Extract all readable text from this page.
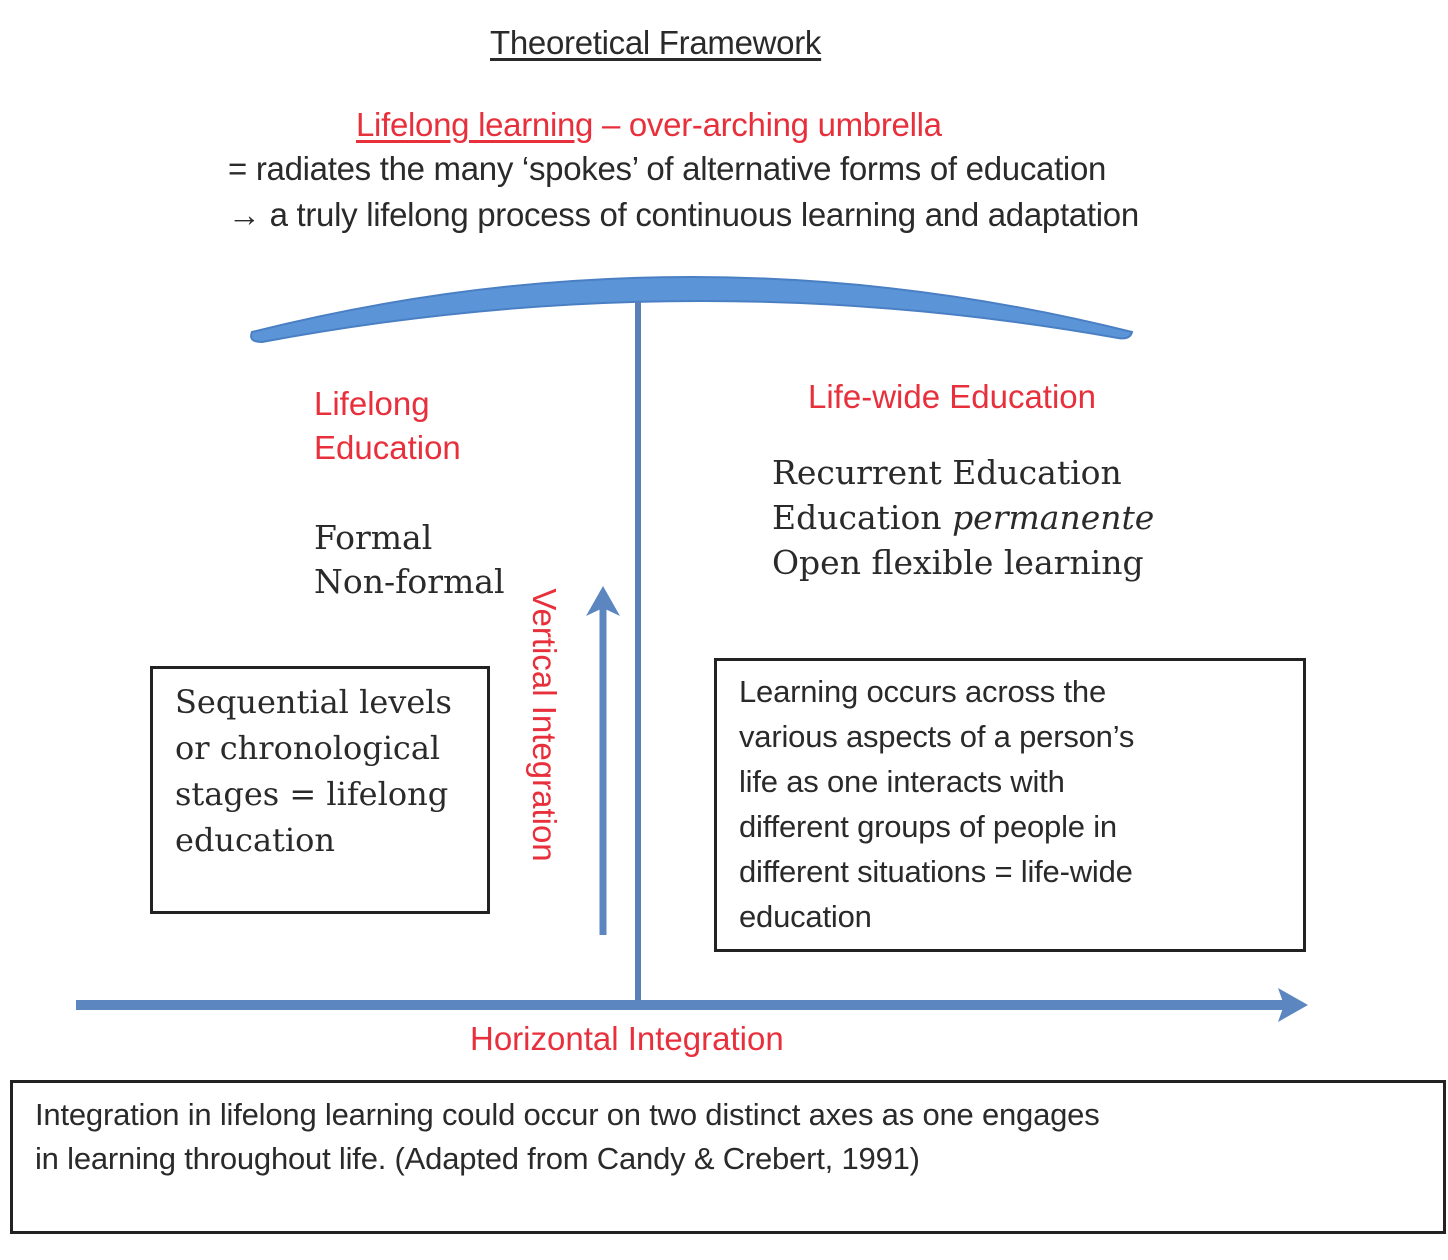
Theoretical Framework
Lifelong learning – over-arching umbrella
= radiates the many ‘spokes’ of alternative forms of education
→ a truly lifelong process of continuous learning and adaptation
Lifelong
Education
Formal
Non-formal
Life-wide Education
Recurrent Education
Education permanente
Open flexible learning
Sequential levels
or chronological
stages = lifelong
education
Learning occurs across the
various aspects of a person’s
life as one interacts with
different groups of people in
different situations = life-wide
education
Vertical Integration
Horizontal Integration
Integration in lifelong learning could occur on two distinct axes as one engages
in learning throughout life. (Adapted from Candy & Crebert, 1991)
